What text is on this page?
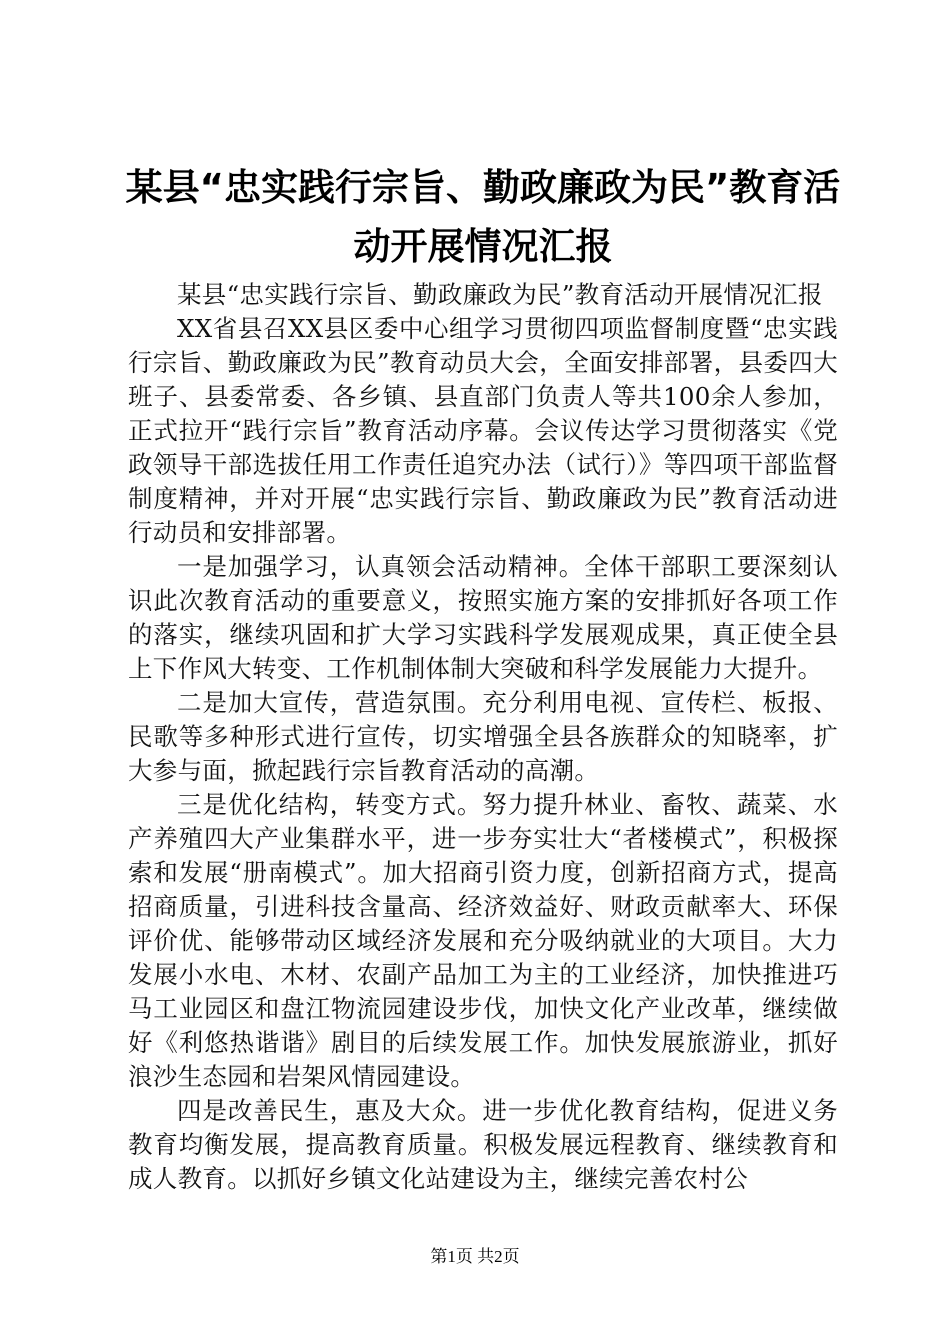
某县“忠实践行宗旨、勤政廉政为民”教育活动开展情况汇报

某县“忠实践行宗旨、勤政廉政为民”教育活动开展情况汇报

XX省县召XX县区委中心组学习贯彻四项监督制度暨“忠实践行宗旨、勤政廉政为民”教育动员大会，全面安排部署，县委四大班子、县委常委、各乡镇、县直部门负责人等共100余人参加，正式拉开“践行宗旨”教育活动序幕。会议传达学习贯彻落实《党政领导干部选拔任用工作责任追究办法（试行）》等四项干部监督制度精神，并对开展“忠实践行宗旨、勤政廉政为民”教育活动进行动员和安排部署。

一是加强学习，认真领会活动精神。全体干部职工要深刻认识此次教育活动的重要意义，按照实施方案的安排抓好各项工作的落实，继续巩固和扩大学习实践科学发展观成果，真正使全县上下作风大转变、工作机制体制大突破和科学发展能力大提升。

二是加大宣传，营造氛围。充分利用电视、宣传栏、板报、民歌等多种形式进行宣传，切实增强全县各族群众的知晓率，扩大参与面，掀起践行宗旨教育活动的高潮。

三是优化结构，转变方式。努力提升林业、畜牧、蔬菜、水产养殖四大产业集群水平，进一步夯实壮大“者楼模式”，积极探索和发展“册南模式”。加大招商引资力度，创新招商方式，提高招商质量，引进科技含量高、经济效益好、财政贡献率大、环保评价优、能够带动区域经济发展和充分吸纳就业的大项目。大力发展小水电、木材、农副产品加工为主的工业经济，加快推进巧马工业园区和盘江物流园建设步伐，加快文化产业改革，继续做好《利悠热谐谐》剧目的后续发展工作。加快发展旅游业，抓好浪沙生态园和岩架风情园建设。

四是改善民生，惠及大众。进一步优化教育结构，促进义务教育均衡发展，提高教育质量。积极发展远程教育、继续教育和成人教育。以抓好乡镇文化站建设为主，继续完善农村公

第1页 共2页
